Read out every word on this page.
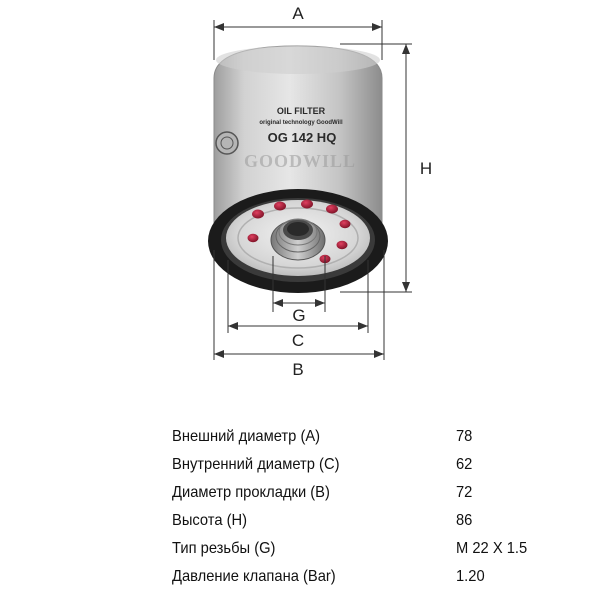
OIL FILTER
original technology GoodWill
OG 142 HQ
GOODWILL
A
H
G
C
B
Внешний диаметр (A)	78
Внутренний диаметр (C)	62
Диаметр прокладки (B)	72
Высота (H)	86
Тип резьбы (G)	M 22 X 1.5
Давление клапана (Bar)	1.20
